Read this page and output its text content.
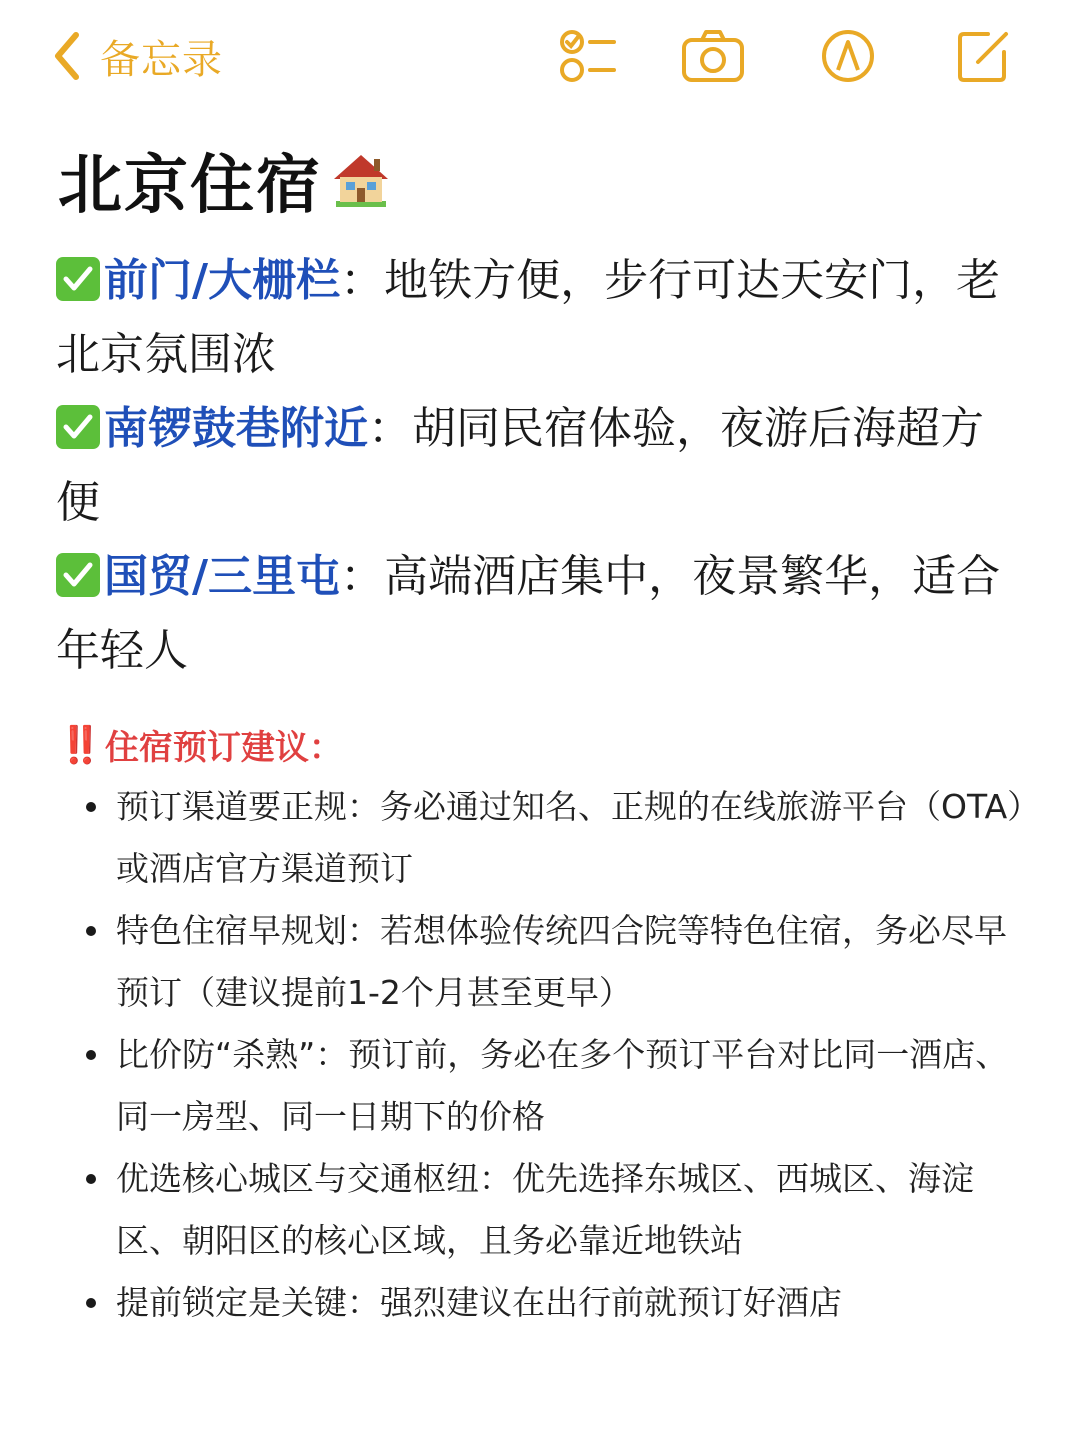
备忘录
北京住宿
前门/大栅栏：地铁方便，步行可达天安门，老北京氛围浓
南锣鼓巷附近：胡同民宿体验，夜游后海超方便
国贸/三里屯：高端酒店集中，夜景繁华，适合年轻人
‼️ 住宿预订建议：
预订渠道要正规：务必通过知名、正规的在线旅游平台（OTA）或酒店官方渠道预订
特色住宿早规划：若想体验传统四合院等特色住宿，务必尽早预订（建议提前1-2个月甚至更早）
比价防“杀熟”：预订前，务必在多个预订平台对比同一酒店、同一房型、同一日期下的价格
优选核心城区与交通枢纽：优先选择东城区、西城区、海淀区、朝阳区的核心区域，且务必靠近地铁站
提前锁定是关键：强烈建议在出行前就预订好酒店
